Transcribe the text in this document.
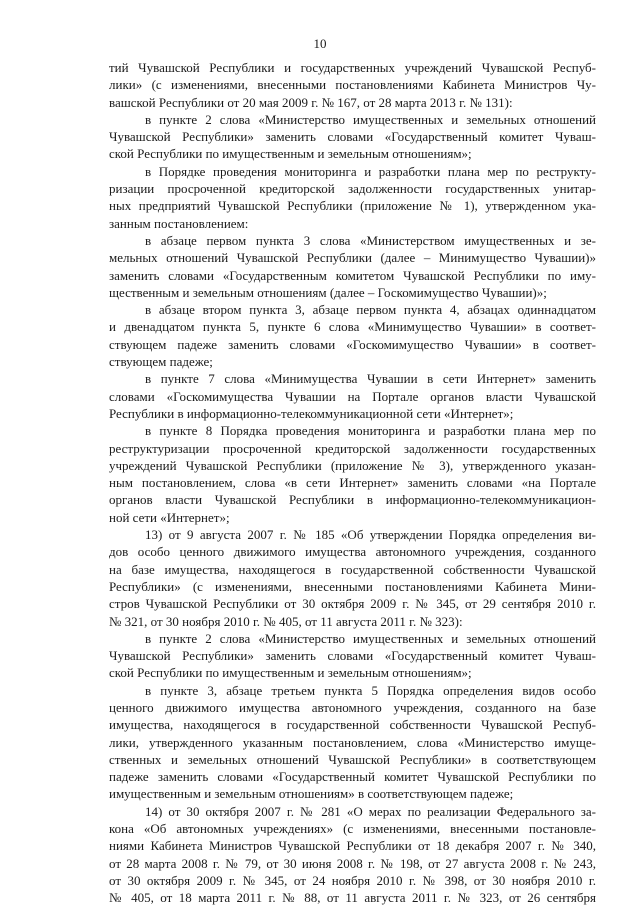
10
тий Чувашской Республики и государственных учреждений Чувашской Респуб-
лики» (с изменениями, внесенными постановлениями Кабинета Министров Чу-
вашской Республики от 20 мая 2009 г. № 167, от 28 марта 2013 г. № 131):
в пункте 2 слова «Министерство имущественных и земельных отношений
Чувашской Республики» заменить словами «Государственный комитет Чуваш-
ской Республики по имущественным и земельным отношениям»;
в Порядке проведения мониторинга и разработки плана мер по реструкту-
ризации просроченной кредиторской задолженности государственных унитар-
ных предприятий Чувашской Республики (приложение № 1), утвержденном ука-
занным постановлением:
в абзаце первом пункта 3 слова «Министерством имущественных и зе-
мельных отношений Чувашской Республики (далее – Минимущество Чувашии)»
заменить словами «Государственным комитетом Чувашской Республики по иму-
щественным и земельным отношениям (далее – Госкомимущество Чувашии)»;
в абзаце втором пункта 3, абзаце первом пункта 4, абзацах одиннадцатом
и двенадцатом пункта 5, пункте 6 слова «Минимущество Чувашии» в соответ-
ствующем падеже заменить словами «Госкомимущество Чувашии» в соответ-
ствующем падеже;
в пункте 7 слова «Минимущества Чувашии в сети Интернет» заменить
словами «Госкомимущества Чувашии на Портале органов власти Чувашской
Республики в информационно-телекоммуникационной сети «Интернет»;
в пункте 8 Порядка проведения мониторинга и разработки плана мер по
реструктуризации просроченной кредиторской задолженности государственных
учреждений Чувашской Республики (приложение № 3), утвержденного указан-
ным постановлением, слова «в сети Интернет» заменить словами «на Портале
органов власти Чувашской Республики в информационно-телекоммуникацион-
ной сети «Интернет»;
13) от 9 августа 2007 г. № 185 «Об утверждении Порядка определения ви-
дов особо ценного движимого имущества автономного учреждения, созданного
на базе имущества, находящегося в государственной собственности Чувашской
Республики» (с изменениями, внесенными постановлениями Кабинета Мини-
стров Чувашской Республики от 30 октября 2009 г. № 345, от 29 сентября 2010 г.
№ 321, от 30 ноября 2010 г. № 405, от 11 августа 2011 г. № 323):
в пункте 2 слова «Министерство имущественных и земельных отношений
Чувашской Республики» заменить словами «Государственный комитет Чуваш-
ской Республики по имущественным и земельным отношениям»;
в пункте 3, абзаце третьем пункта 5 Порядка определения видов особо
ценного движимого имущества автономного учреждения, созданного на базе
имущества, находящегося в государственной собственности Чувашской Респуб-
лики, утвержденного указанным постановлением, слова «Министерство имуще-
ственных и земельных отношений Чувашской Республики» в соответствующем
падеже заменить словами «Государственный комитет Чувашской Республики по
имущественным и земельным отношениям» в соответствующем падеже;
14) от 30 октября 2007 г. № 281 «О мерах по реализации Федерального за-
кона «Об автономных учреждениях» (с изменениями, внесенными постановле-
ниями Кабинета Министров Чувашской Республики от 18 декабря 2007 г. № 340,
от 28 марта 2008 г. № 79, от 30 июня 2008 г. № 198, от 27 августа 2008 г. № 243,
от 30 октября 2009 г. № 345, от 24 ноября 2010 г. № 398, от 30 ноября 2010 г.
№ 405, от 18 марта 2011 г. № 88, от 11 августа 2011 г. № 323, от 26 сентября
